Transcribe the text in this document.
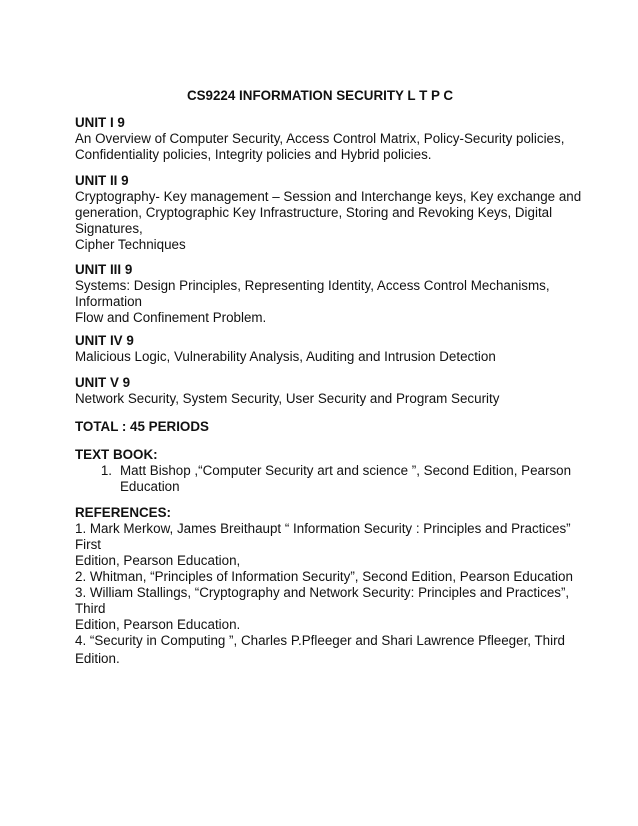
CS9224 INFORMATION SECURITY L T P C
UNIT I 9
An Overview of Computer Security, Access Control Matrix, Policy-Security policies,
Confidentiality policies, Integrity policies and Hybrid policies.
UNIT II 9
Cryptography- Key management – Session and Interchange keys, Key exchange and
generation, Cryptographic Key Infrastructure, Storing and Revoking Keys, Digital
Signatures,
Cipher Techniques
UNIT III 9
Systems: Design Principles, Representing Identity, Access Control Mechanisms,
Information
Flow and Confinement Problem.
UNIT IV 9
Malicious Logic, Vulnerability Analysis, Auditing and Intrusion Detection
UNIT V 9
Network Security, System Security, User Security and Program Security
TOTAL : 45 PERIODS
TEXT BOOK:
1. Matt Bishop ,“Computer Security art and science ”, Second Edition, Pearson
Education
REFERENCES:
1. Mark Merkow, James Breithaupt “ Information Security : Principles and Practices”
First
Edition, Pearson Education,
2. Whitman, “Principles of Information Security”, Second Edition, Pearson Education
3. William Stallings, “Cryptography and Network Security: Principles and Practices”,
Third
Edition, Pearson Education.
4. “Security in Computing ”, Charles P.Pfleeger and Shari Lawrence Pfleeger, Third
Edition.
